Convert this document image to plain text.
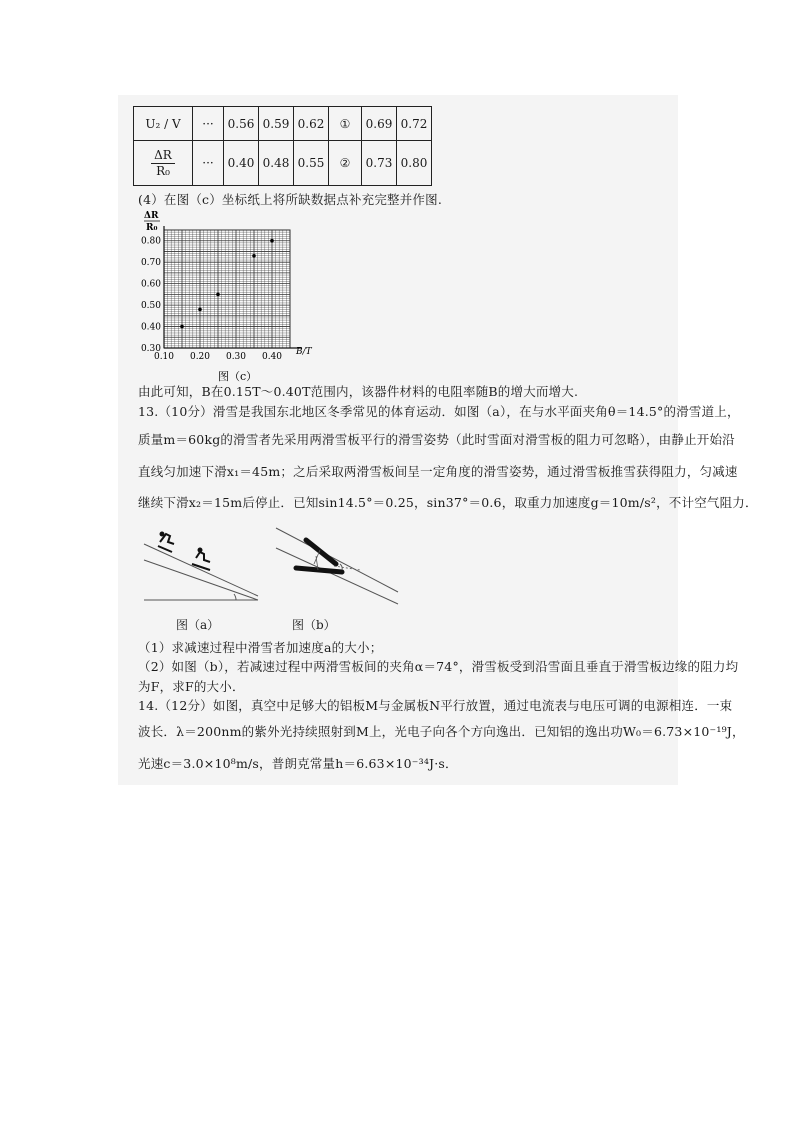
U₂ / V	···	0.56	0.59	0.62	①	0.69	0.72

$\frac{\Delta R}{\text{R₀}}$	···	0.40	0.48	0.55	②	0.73	0.80
(4）在图（c）坐标纸上将所缺数据点补充完整并作图.
0.30
0.40
0.50
0.60
0.70
0.80
0.10 0.20 0.30 0.40
ΔR
R₀
B/T
图（c）
由此可知，B在0.15T～0.40T范围内，该器件材料的电阻率随B的增大而增大.
13.（10分）滑雪是我国东北地区冬季常见的体育运动．如图（a），在与水平面夹角θ＝14.5°的滑雪道上，
质量m＝60kg的滑雪者先采用两滑雪板平行的滑雪姿势（此时雪面对滑雪板的阻力可忽略），由静止开始沿
直线匀加速下滑x₁＝45m；之后采取两滑雪板间呈一定角度的滑雪姿势，通过滑雪板推雪获得阻力，匀减速
继续下滑x₂＝15m后停止．已知sin14.5°＝0.25，sin37°＝0.6，取重力加速度g＝10m/s²，不计空气阻力．
图（a）	图（b）
（1）求减速过程中滑雪者加速度a的大小；
（2）如图（b），若减速过程中两滑雪板间的夹角α＝74°，滑雪板受到沿雪面且垂直于滑雪板边缘的阻力均
为F，求F的大小．
14.（12分）如图，真空中足够大的铝板M与金属板N平行放置，通过电流表与电压可调的电源相连．一束
波长．λ＝200nm的紫外光持续照射到M上，光电子向各个方向逸出．已知铝的逸出功W₀＝6.73×10⁻¹⁹J，
光速c＝3.0×10⁸m/s，普朗克常量h＝6.63×10⁻³⁴J·s．
